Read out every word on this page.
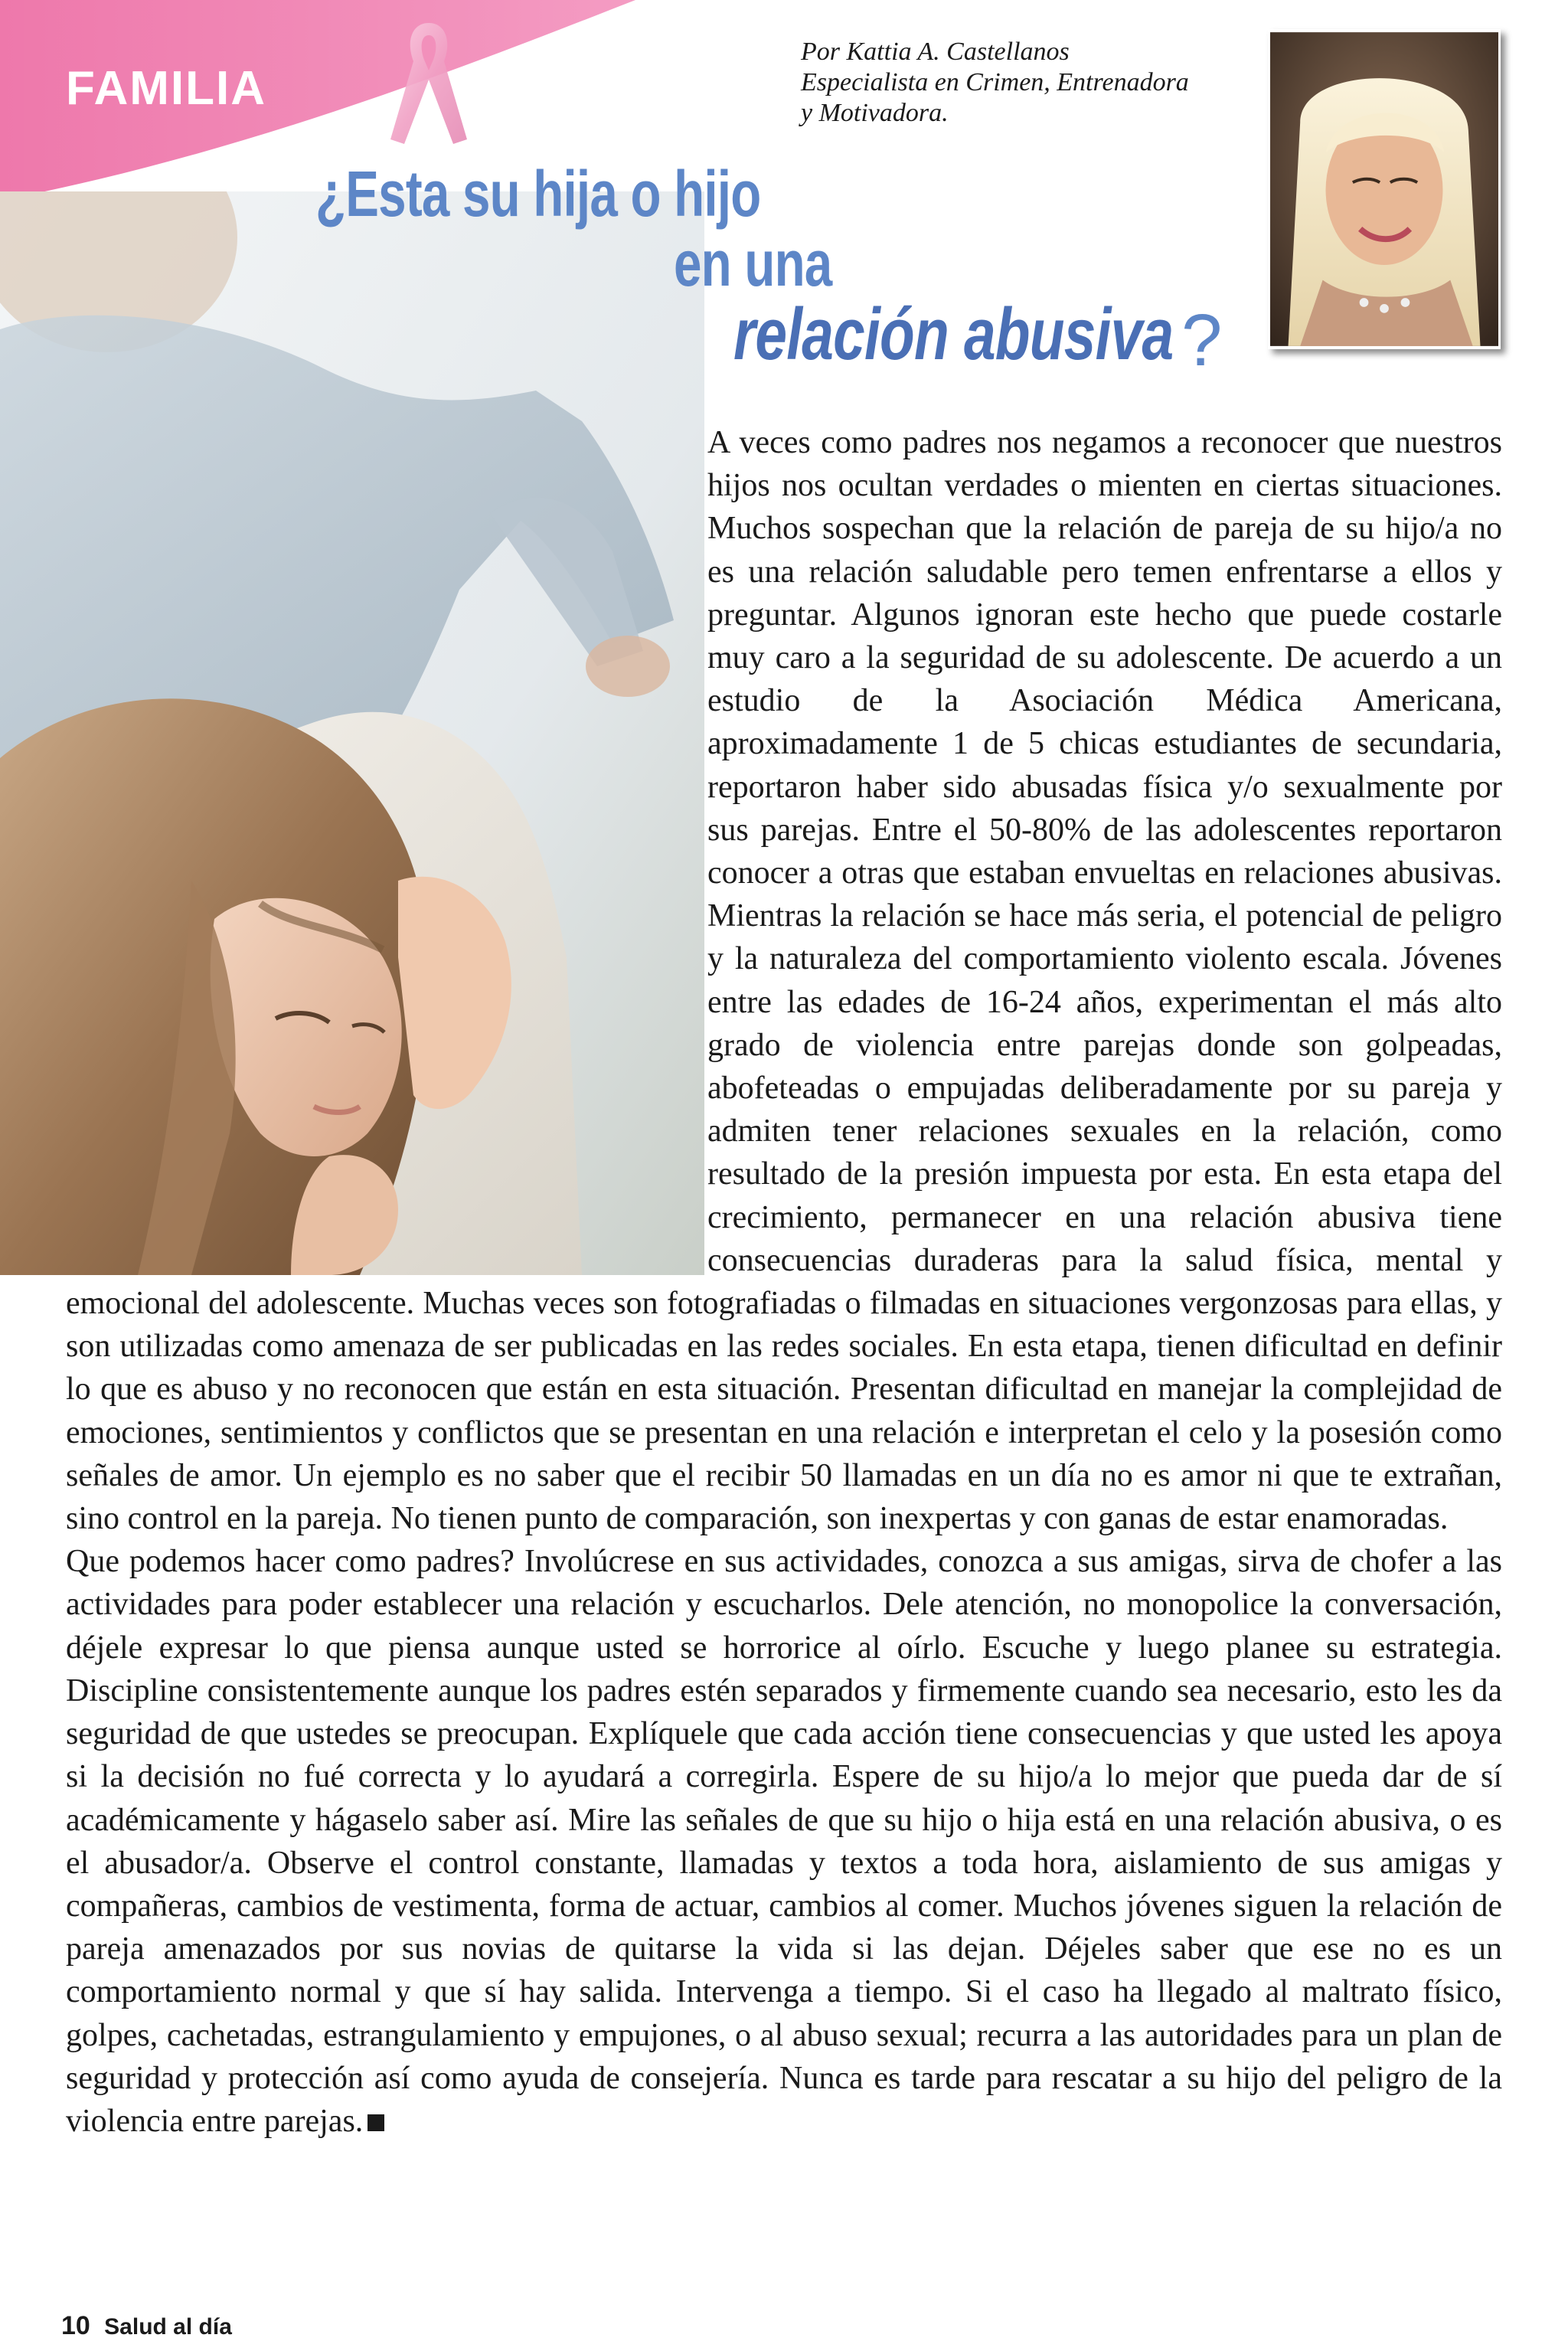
FAMILIA
¿Esta su hija o hijo
en una
relación abusiva ?
Por Kattia A. Castellanos
Especialista en Crimen, Entrenadora
y Motivadora.

A veces como padres nos negamos a reconocer que nuestros hijos nos ocultan verdades o mienten en ciertas situaciones. Muchos sospechan que la relación de pareja de su hijo/a no es una relación saludable pero temen enfrentarse a ellos y preguntar. Algunos ignoran este hecho que puede costarle muy caro a la seguridad de su adolescente. De acuerdo a un estudio de la Asociación Médica Americana, aproximadamente 1 de 5 chicas estudiantes de secundaria, reportaron haber sido abusadas física y/o sexualmente por sus parejas. Entre el 50-80% de las adolescentes reportaron conocer a otras que estaban envueltas en relaciones abusivas. Mientras la relación se hace más seria, el potencial de peligro y la naturaleza del comportamiento violento escala. Jóvenes entre las edades de 16-24 años, experimentan el más alto grado de violencia entre parejas donde son golpeadas, abofeteadas o empujadas deliberadamente por su pareja y admiten tener relaciones sexuales en la relación, como resultado de la presión impuesta por esta. En esta etapa del crecimiento, permanecer en una relación abusiva tiene consecuencias duraderas para la salud física, mental y emocional del adolescente. Muchas veces son fotografiadas o filmadas en situaciones vergonzosas para ellas, y son utilizadas como amenaza de ser publicadas en las redes sociales. En esta etapa, tienen dificultad en definir lo que es abuso y no reconocen que están en esta situación. Presentan dificultad en manejar la complejidad de emociones, sentimientos y conflictos que se presentan en una relación e interpretan el celo y la posesión como señales de amor. Un ejemplo es no saber que el recibir 50 llamadas en un día no es amor ni que te extrañan, sino control en la pareja. No tienen punto de comparación, son inexpertas y con ganas de estar enamoradas.

Que podemos hacer como padres? Involúcrese en sus actividades, conozca a sus amigas, sirva de chofer a las actividades para poder establecer una relación y escucharlos. Dele atención, no monopolice la conversación, déjele expresar lo que piensa aunque usted se horrorice al oírlo. Escuche y luego planee su estrategia. Discipline consistentemente aunque los padres estén separados y firmemente cuando sea necesario, esto les da seguridad de que ustedes se preocupan. Explíquele que cada acción tiene consecuencias y que usted les apoya si la decisión no fué correcta y lo ayudará a corregirla. Espere de su hijo/a lo mejor que pueda dar de sí académicamente y hágaselo saber así. Mire las señales de que su hijo o hija está en una relación abusiva, o es el abusador/a. Observe el control constante, llamadas y textos a toda hora, aislamiento de sus amigas y compañeras, cambios de vestimenta, forma de actuar, cambios al comer. Muchos jóvenes siguen la relación de pareja amenazados por sus novias de quitarse la vida si las dejan. Déjeles saber que ese no es un comportamiento normal y que sí hay salida. Intervenga a tiempo. Si el caso ha llegado al maltrato físico, golpes, cachetadas, estrangulamiento y empujones, o al abuso sexual; recurra a las autoridades para un plan de seguridad y protección así como ayuda de consejería. Nunca es tarde para rescatar a su hijo del peligro de la violencia entre parejas.

10 Salud al día
